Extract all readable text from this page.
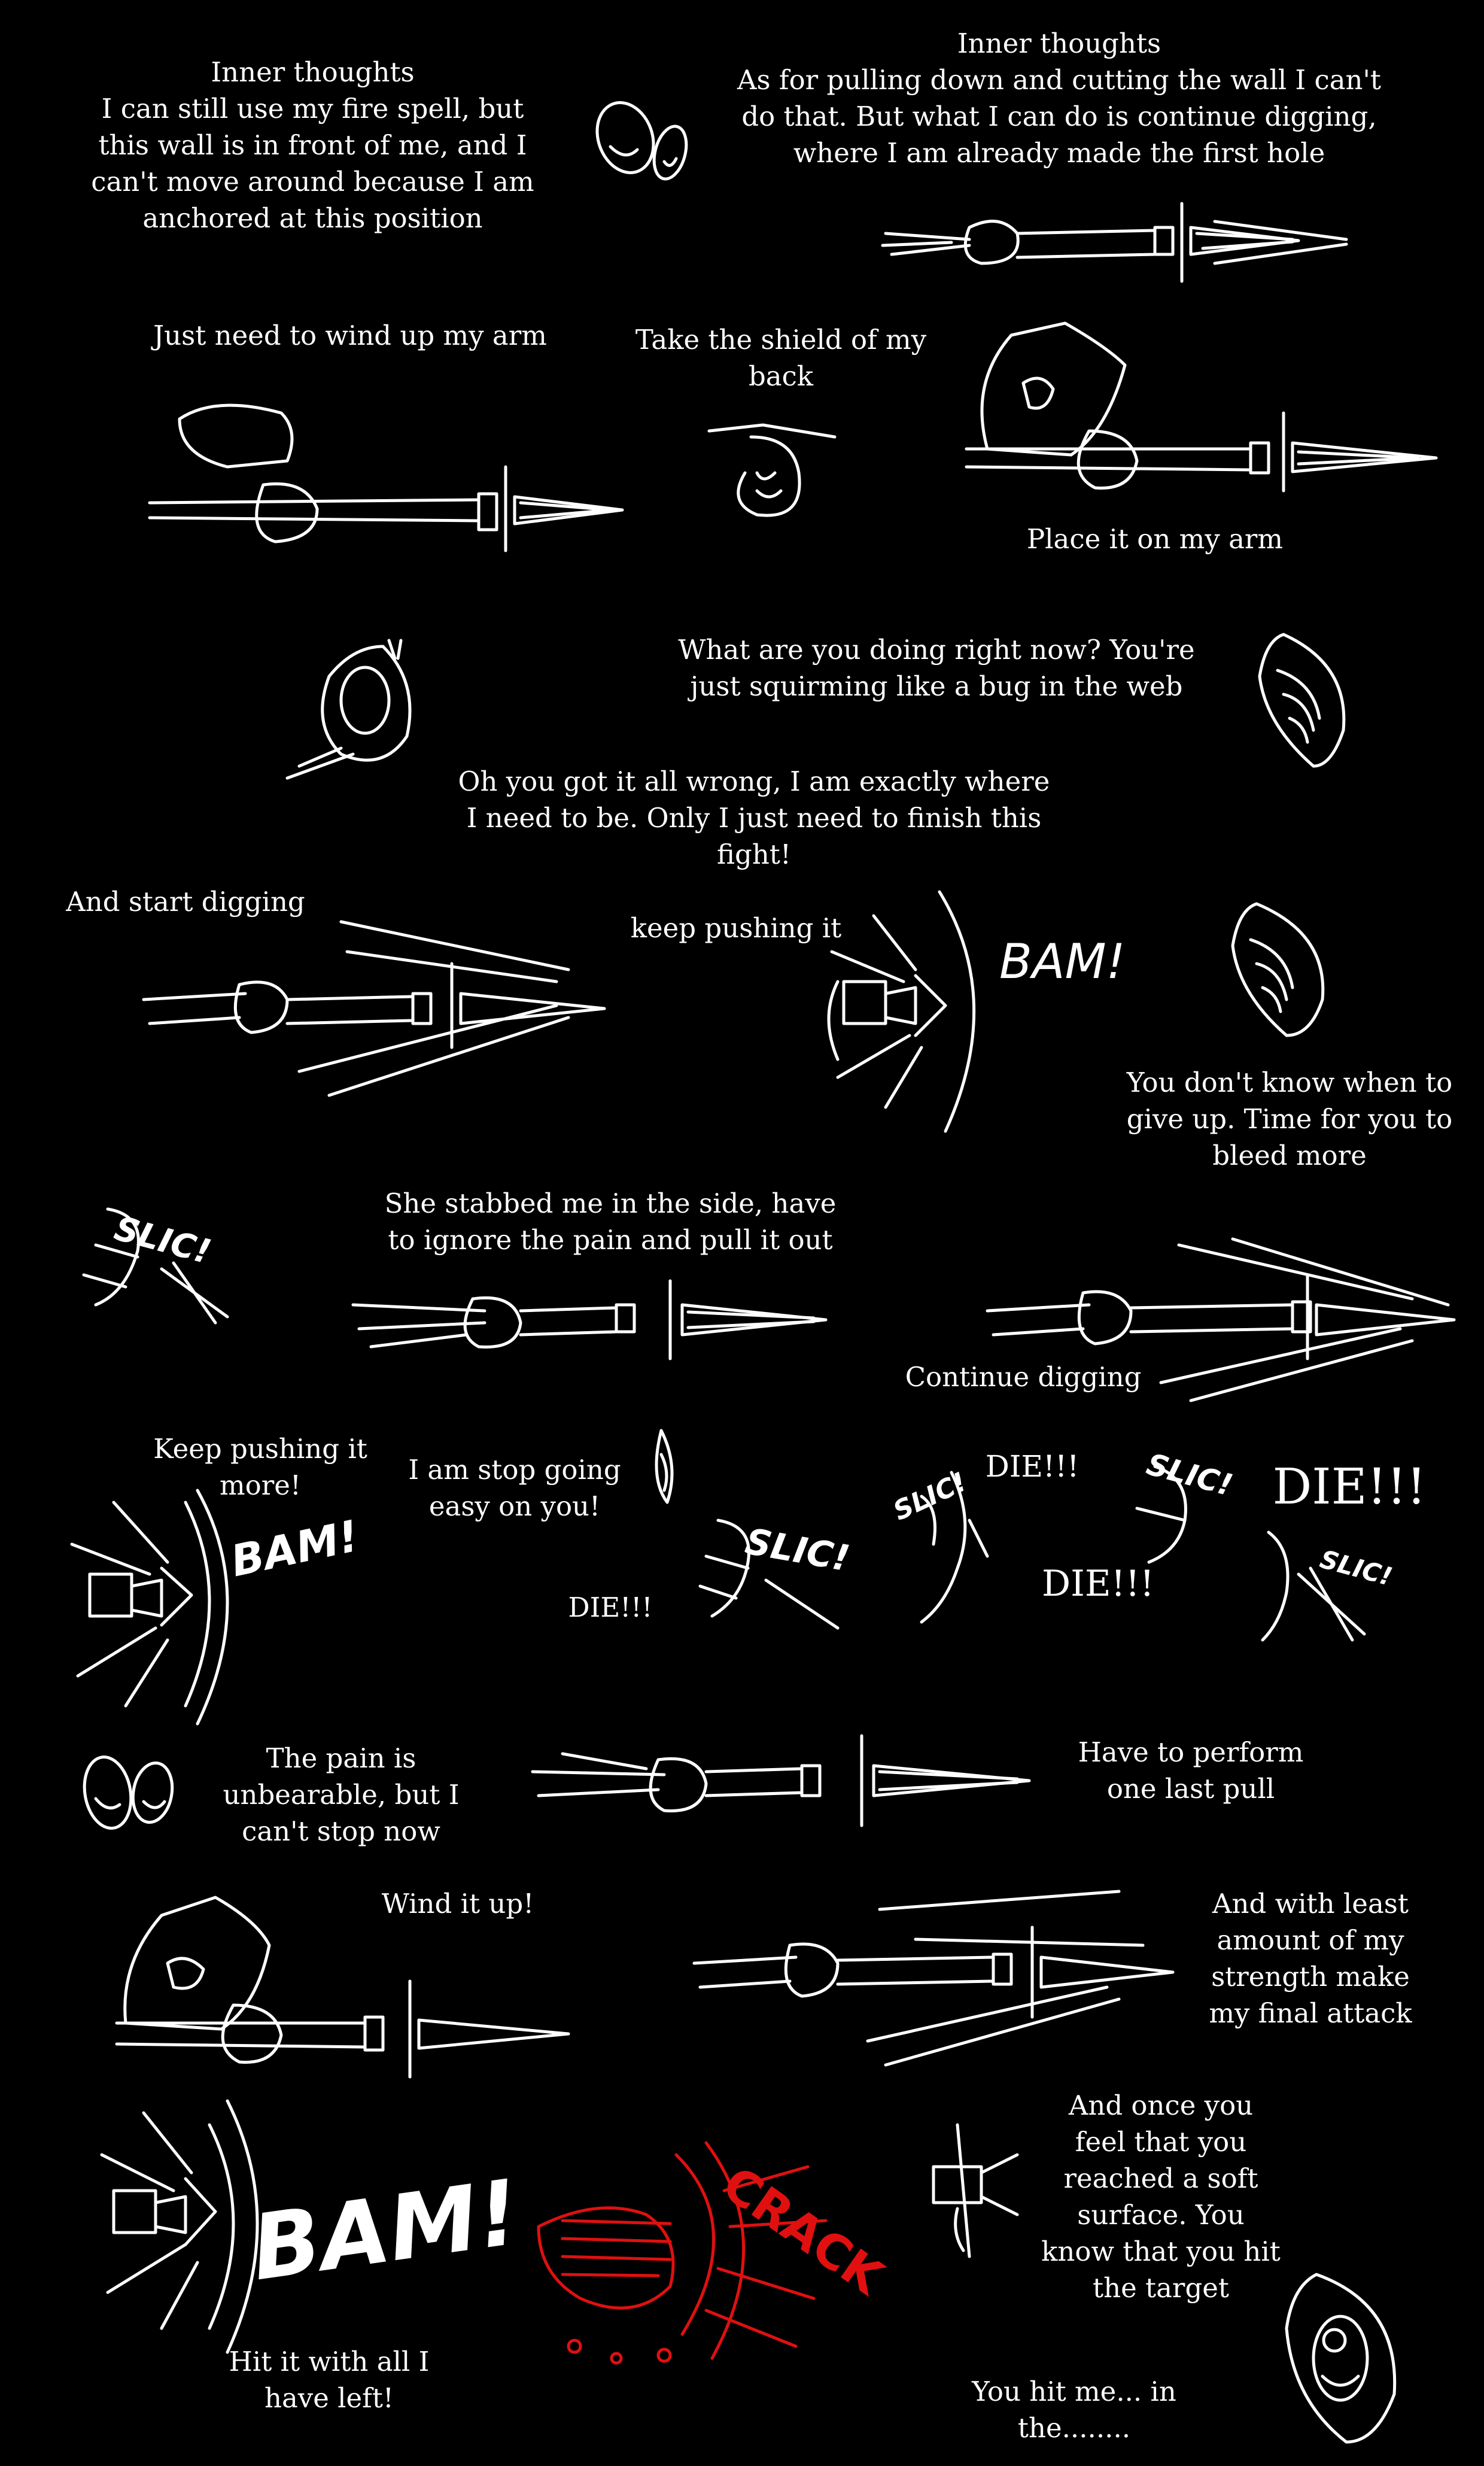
Inner thoughts
I can still use my fire spell, but this wall is in front of me, and I can't move around because I am anchored at this position
Inner thoughts
As for pulling down and cutting the wall I can't do that. But what I can do is continue digging, where I am already made the first hole
Just need to wind up my arm	Take the shield of my back
Place it on my arm
What are you doing right now? You're just squirming like a bug in the web
Oh you got it all wrong, I am exactly where I need to be. Only I just need to finish this fight!
And start digging
keep pushing it
You don't know when to give up. Time for you to bleed more
She stabbed me in the side, have to ignore the pain and pull it out
Continue digging
Keep pushing it more!	I am stop going easy on you!
DIE!!!
DIE!!!
DIE!!!
DIE!!!
The pain is unbearable, but I can't stop now
Have to perform one last pull
Wind it up!	And with least amount of my strength make my final attack
And once you feel that you reached a soft surface. You know that you hit the target
Hit it with all I have left!	You hit me... in the........
BAM!
BAM!
BAM!
SLIC!
SLIC!
SLIC!	SLIC!
SLIC!
CRACK
